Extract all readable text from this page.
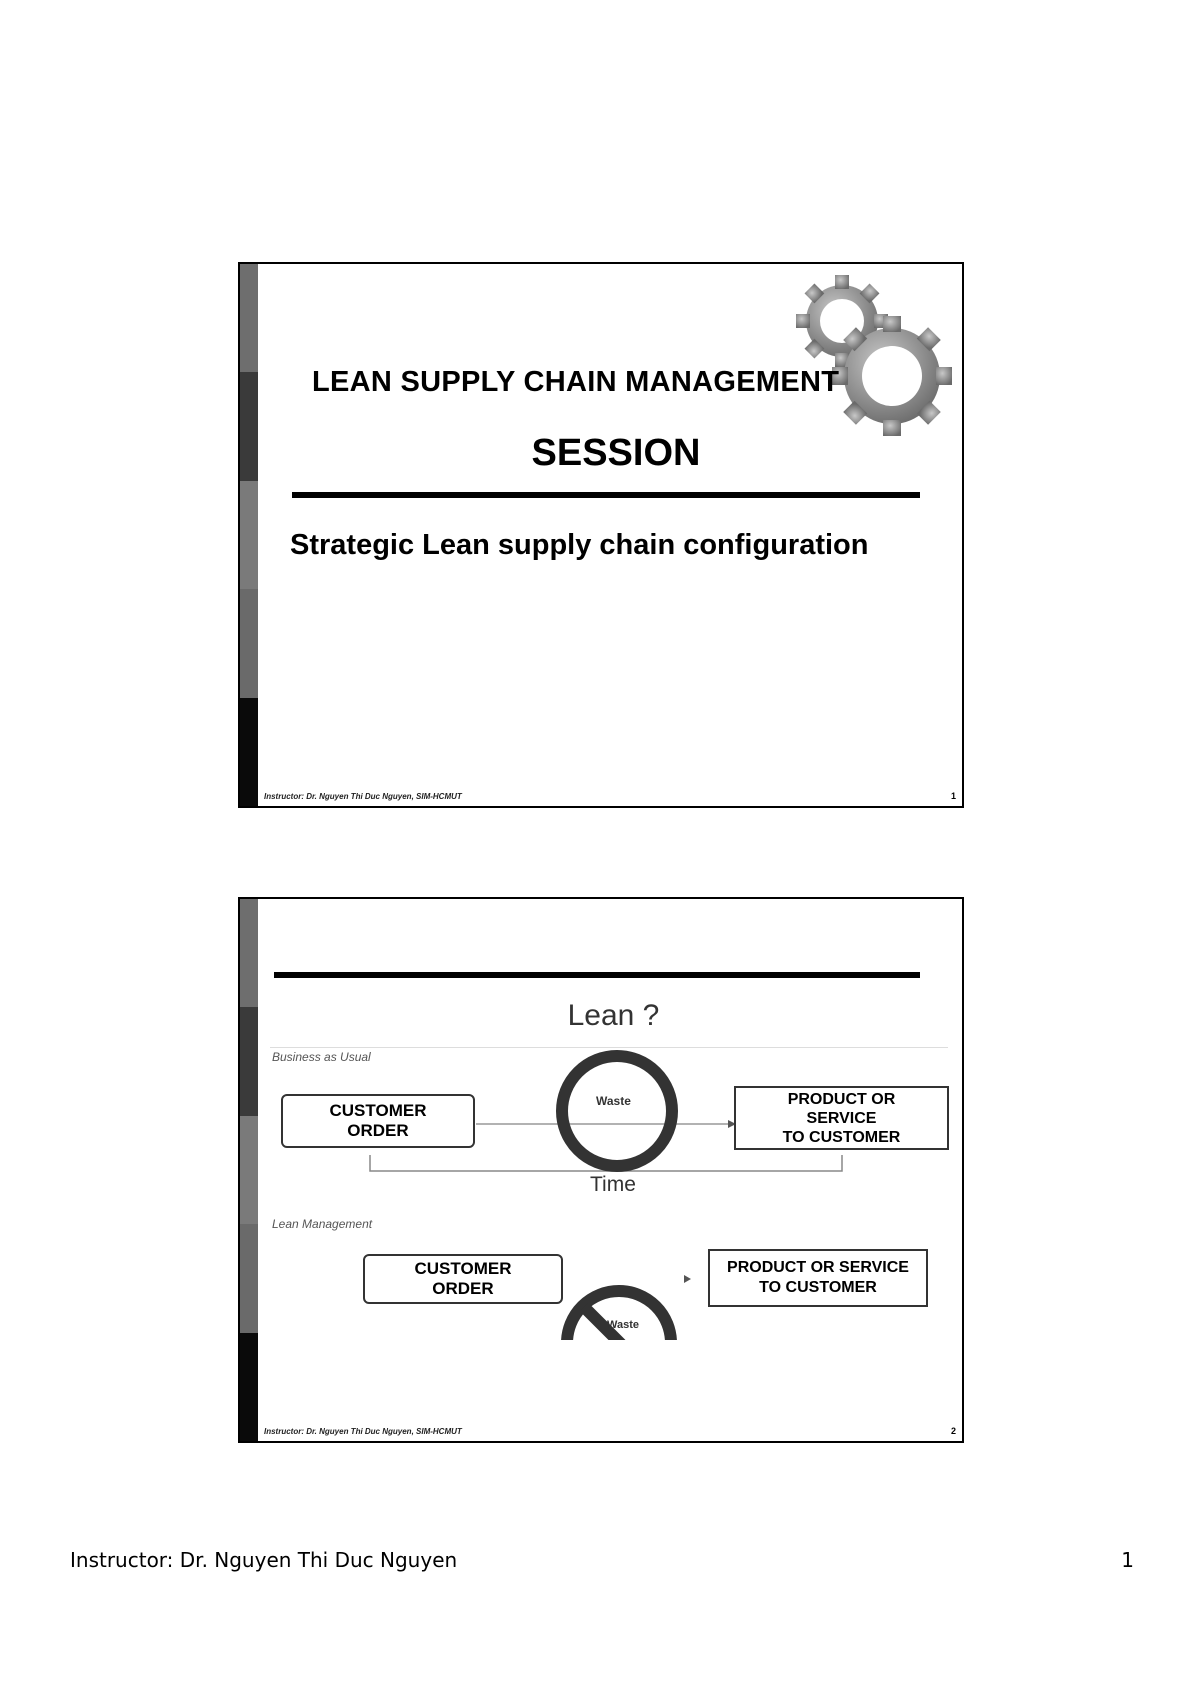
LEAN SUPPLY CHAIN MANAGEMENT
SESSION
Strategic Lean supply chain configuration
Instructor: Dr. Nguyen Thi Duc Nguyen, SIM-HCMUT	1
Lean ?
Business as Usual
CUSTOMER
ORDER
Waste	PRODUCT OR
SERVICE
TO CUSTOMER
Time
Lean Management
CUSTOMER
ORDER
PRODUCT OR SERVICE
TO CUSTOMER
Waste
Instructor: Dr. Nguyen Thi Duc Nguyen, SIM-HCMUT	2
Instructor: Dr. Nguyen Thi Duc Nguyen	1
